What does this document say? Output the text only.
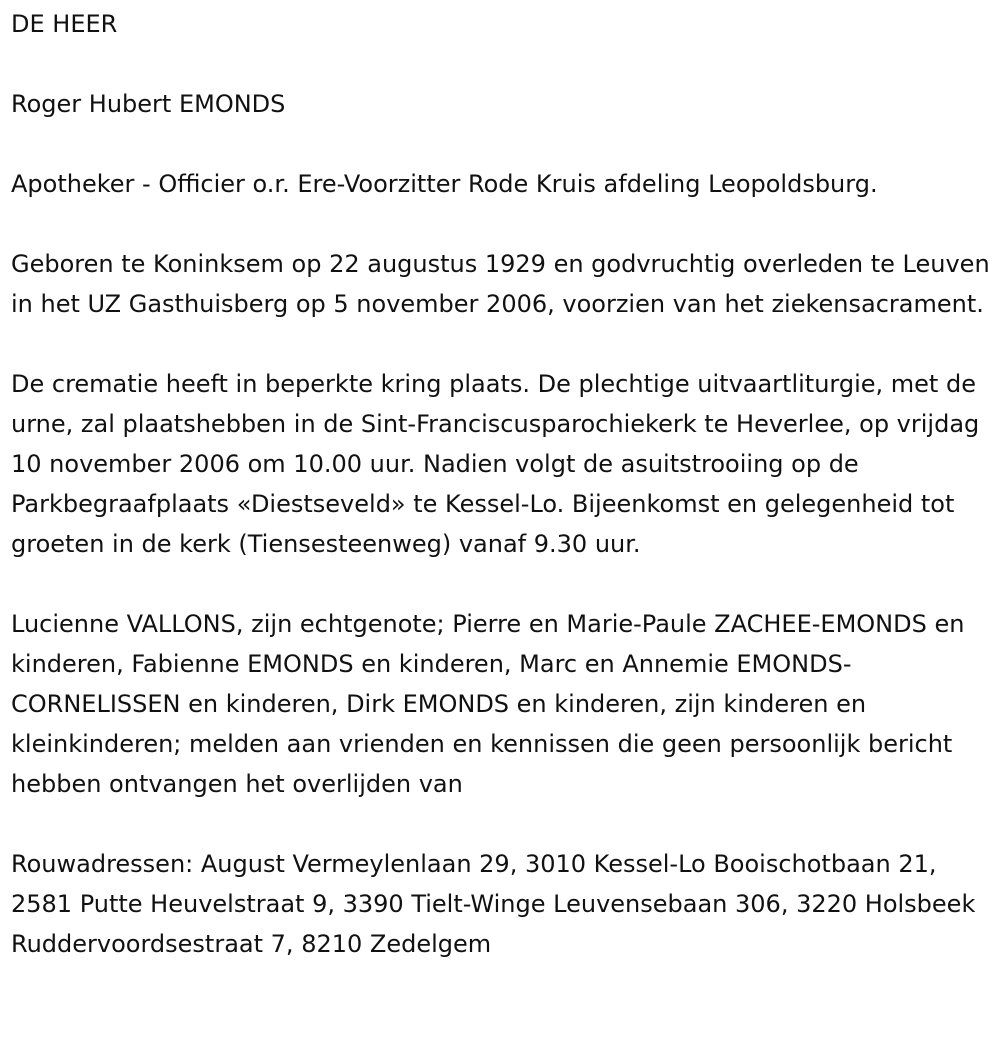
DE HEER

Roger Hubert EMONDS

Apotheker - Officier o.r. Ere-Voorzitter Rode Kruis afdeling Leopoldsburg.

Geboren te Koninksem op 22 augustus 1929 en godvruchtig overleden te Leuven in het UZ Gasthuisberg op 5 november 2006, voorzien van het ziekensacrament.

De crematie heeft in beperkte kring plaats. De plechtige uitvaartliturgie, met de urne, zal plaatshebben in de Sint-Franciscusparochiekerk te Heverlee, op vrijdag 10 november 2006 om 10.00 uur. Nadien volgt de asuitstrooiing op de Parkbegraafplaats «Diestseveld» te Kessel-Lo. Bijeenkomst en gelegenheid tot groeten in de kerk (Tiensesteenweg) vanaf 9.30 uur.

Lucienne VALLONS, zijn echtgenote; Pierre en Marie-Paule ZACHEE-EMONDS en kinderen, Fabienne EMONDS en kinderen, Marc en Annemie EMONDS-CORNELISSEN en kinderen, Dirk EMONDS en kinderen, zijn kinderen en kleinkinderen; melden aan vrienden en kennissen die geen persoonlijk bericht hebben ontvangen het overlijden van

Rouwadressen: August Vermeylenlaan 29, 3010 Kessel-Lo Booischotbaan 21, 2581 Putte Heuvelstraat 9, 3390 Tielt-Winge Leuvensebaan 306, 3220 Holsbeek Ruddervoordsestraat 7, 8210 Zedelgem
